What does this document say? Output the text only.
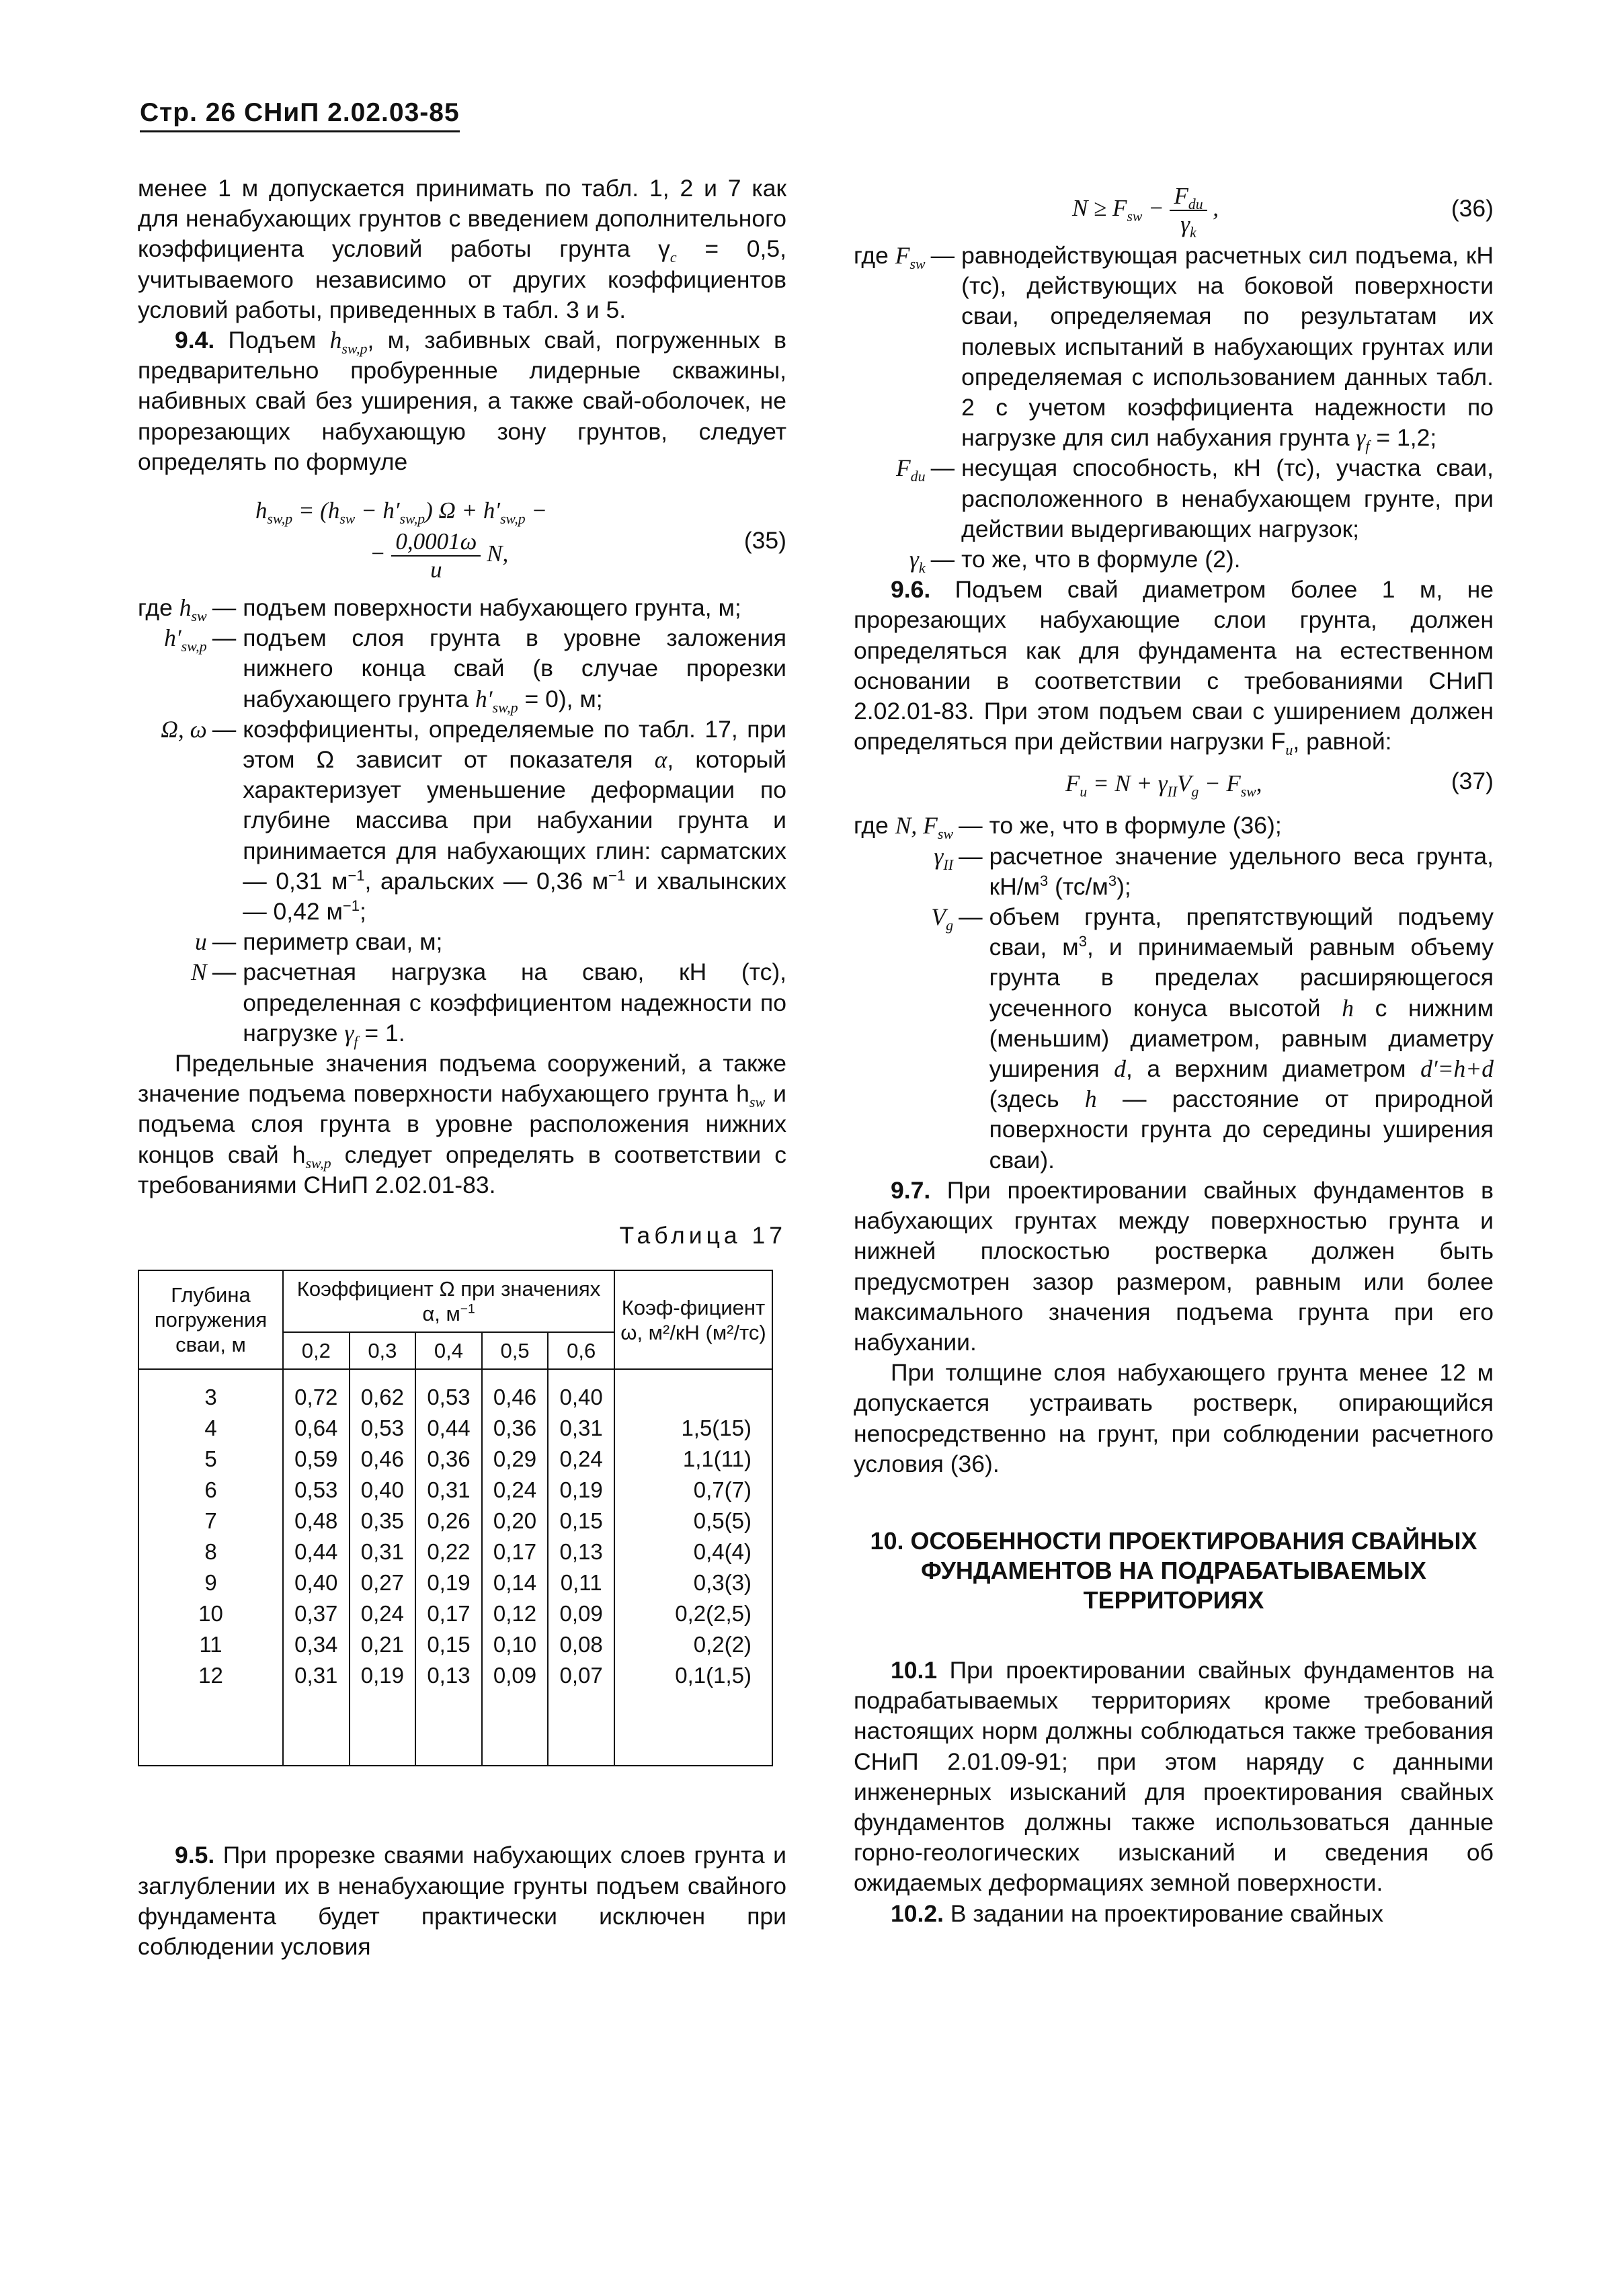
Стр. 26 СНиП 2.02.03-85

менее 1 м допускается принимать по табл. 1, 2 и 7 как для ненабухающих грунтов с введением дополнительного коэффициента условий работы грунта $\gamma_c = 0,5$, учитываемого независимо от других коэффициентов условий работы, приведенных в табл. 3 и 5.

9.4. Подъем $h_{sw,p}$, м, забивных свай, погруженных в предварительно пробуренные лидерные скважины, набивных свай без уширения, а также свай-оболочек, не прорезающих набухающую зону грунтов, следует определять по формуле

$h_{sw,p} = (h_{sw} - h'_{sw,p}) \Omega + h'_{sw,p}$ −
− $\frac{0,0001\omega}{u} N$,	(35)
где $h_{sw}$	—	подъем поверхности набухающего грунта, м;
$h'_{sw,p}$	—	подъем слоя грунта в уровне заложения нижнего конца свай (в случае прорезки набухающего грунта $h'_{sw,p} = 0$), м;
Ω, ω	—	коэффициенты, определяемые по табл. 17, при этом Ω зависит от показателя α, который характеризует уменьшение деформации по глубине массива при набухании грунта и принимается для набухающих глин: сарматских — 0,31 $м^{-1}$, аральских — 0,36 $м^{-1}$ и хвалынских — 0,42 $м^{-1}$;
u	—	периметр сваи, м;
N	—	расчетная нагрузка на сваю, кН (тс), определенная с коэффициентом надежности по нагрузке $\gamma_f = 1$.

Предельные значения подъема сооружений, а также значение подъема поверхности набухающего грунта $h_{sw}$ и подъема слоя грунта в уровне расположения нижних концов свай $h_{sw,p}$ следует определять в соответствии с требованиями СНиП 2.02.01-83.

Таблица 17
Глубина погружения сваи, м	Коэффициент Ω при значениях α, $м^{-1}$					Коэф-фициент ω, м²/кН (м²/тс)
	0,2	0,3	0,4	0,5	0,6	
3	0,72	0,62	0,53	0,46	0,40	
4	0,64	0,53	0,44	0,36	0,31	1,5(15)
5	0,59	0,46	0,36	0,29	0,24	1,1(11)
6	0,53	0,40	0,31	0,24	0,19	0,7(7)
7	0,48	0,35	0,26	0,20	0,15	0,5(5)
8	0,44	0,31	0,22	0,17	0,13	0,4(4)
9	0,40	0,27	0,19	0,14	0,11	0,3(3)
10	0,37	0,24	0,17	0,12	0,09	0,2(2,5)
11	0,34	0,21	0,15	0,10	0,08	0,2(2)
12	0,31	0,19	0,13	0,09	0,07	0,1(1,5)

9.5. При прорезке сваями набухающих слоев грунта и заглублении их в ненабухающие грунты подъем свайного фундамента будет практически исключен при соблюдении условия

$N \ge F_{sw} - \frac{F_{du}}{\gamma_k}$ ,	(36)
где $F_{sw}$	—	равнодействующая расчетных сил подъема, кН (тс), действующих на боковой поверхности сваи, определяемая по результатам их полевых испытаний в набухающих грунтах или определяемая с использованием данных табл. 2 с учетом коэффициента надежности по нагрузке для сил набухания грунта $\gamma_f = 1,2$;
$F_{du}$	—	несущая способность, кН (тс), участка сваи, расположенного в ненабухающем грунте, при действии выдергивающих нагрузок;
$\gamma_k$	—	то же, что в формуле (2).

9.6. Подъем свай диаметром более 1 м, не прорезающих набухающие слои грунта, должен определяться как для фундамента на естественном основании в соответствии с требованиями СНиП 2.02.01-83. При этом подъем сваи с уширением должен определяться при действии нагрузки $F_u$, равной:

$F_u = N + \gamma_{II}V_g - F_{sw}$,	(37)
где N, $F_{sw}$	—	то же, что в формуле (36);
$\gamma_{II}$	—	расчетное значение удельного веса грунта, $кН/м^3$ $(тс/м^3)$;
$V_g$	—	объем грунта, препятствующий подъему сваи, $м^3$, и принимаемый равным объему грунта в пределах расширяющегося усеченного конуса высотой h с нижним (меньшим) диаметром, равным диаметру уширения d, а верхним диаметром d′=h+d (здесь h — расстояние от природной поверхности грунта до середины уширения сваи).

9.7. При проектировании свайных фундаментов в набухающих грунтах между поверхностью грунта и нижней плоскостью ростверка должен быть предусмотрен зазор размером, равным или более максимального значения подъема грунта при его набухании.

При толщине слоя набухающего грунта менее 12 м допускается устраивать ростверк, опирающийся непосредственно на грунт, при соблюдении расчетного условия (36).

10. ОСОБЕННОСТИ ПРОЕКТИРОВАНИЯ СВАЙНЫХ ФУНДАМЕНТОВ НА ПОДРАБАТЫВАЕМЫХ ТЕРРИТОРИЯХ

10.1 При проектировании свайных фундаментов на подрабатываемых территориях кроме требований настоящих норм должны соблюдаться также требования СНиП 2.01.09-91; при этом наряду с данными инженерных изысканий для проектирования свайных фундаментов должны также использоваться данные горно-геологических изысканий и сведения об ожидаемых деформациях земной поверхности.

10.2. В задании на проектирование свайных
